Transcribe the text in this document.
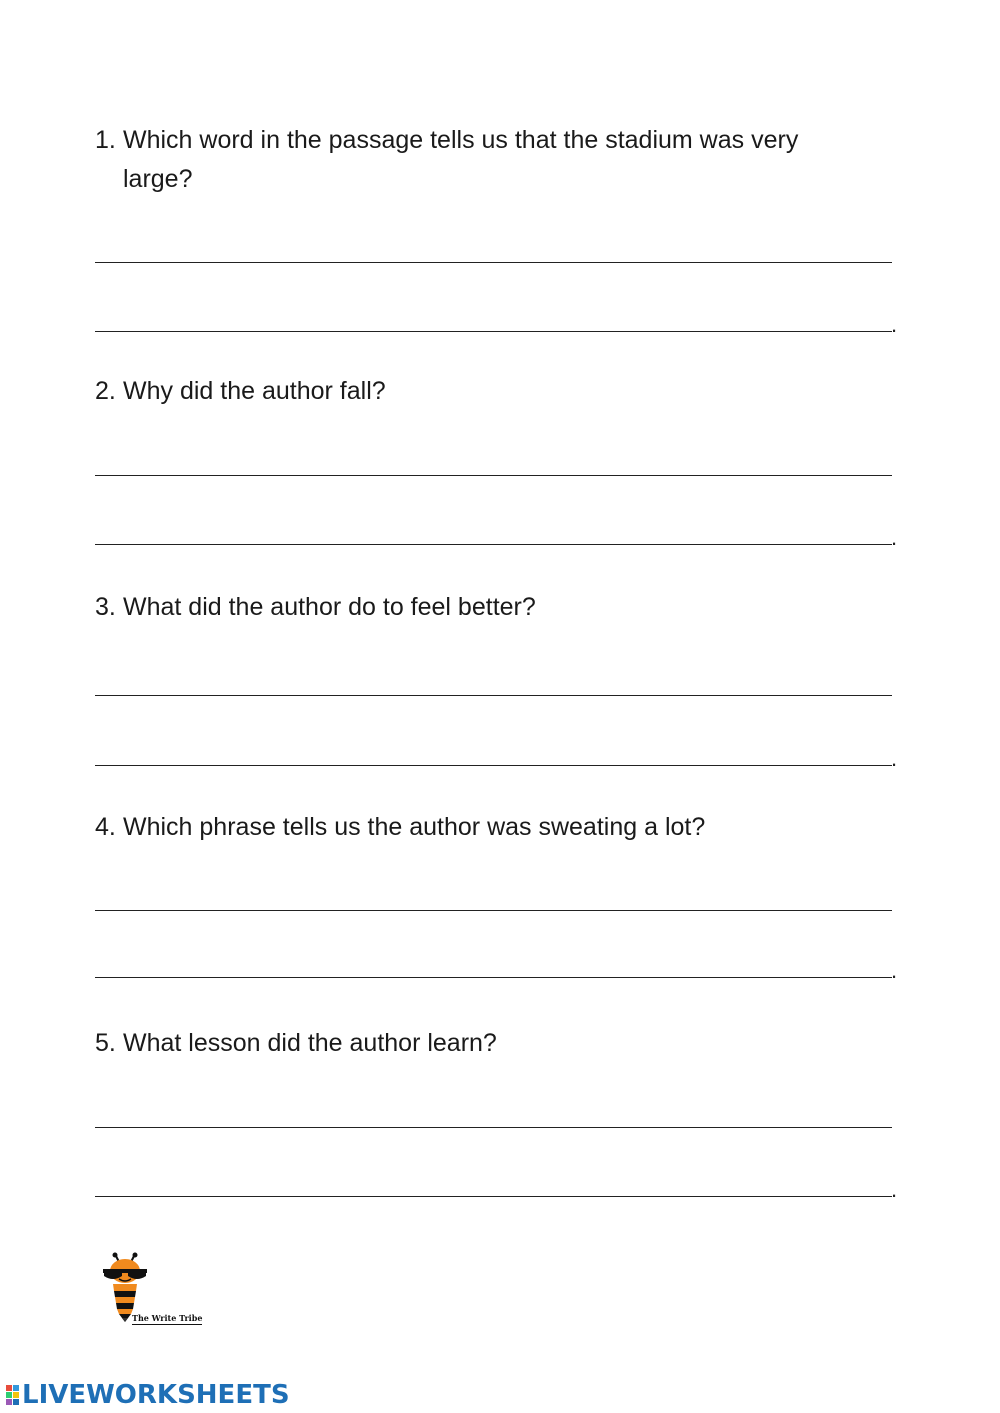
1. Which word in the passage tells us that the stadium was very
large?
.
2. Why did the author fall?
.
3. What did the author do to feel better?
.
4. Which phrase tells us the author was sweating a lot?
.
5. What lesson did the author learn?
.
The Write Tribe
LIVEWORKSHEETS
